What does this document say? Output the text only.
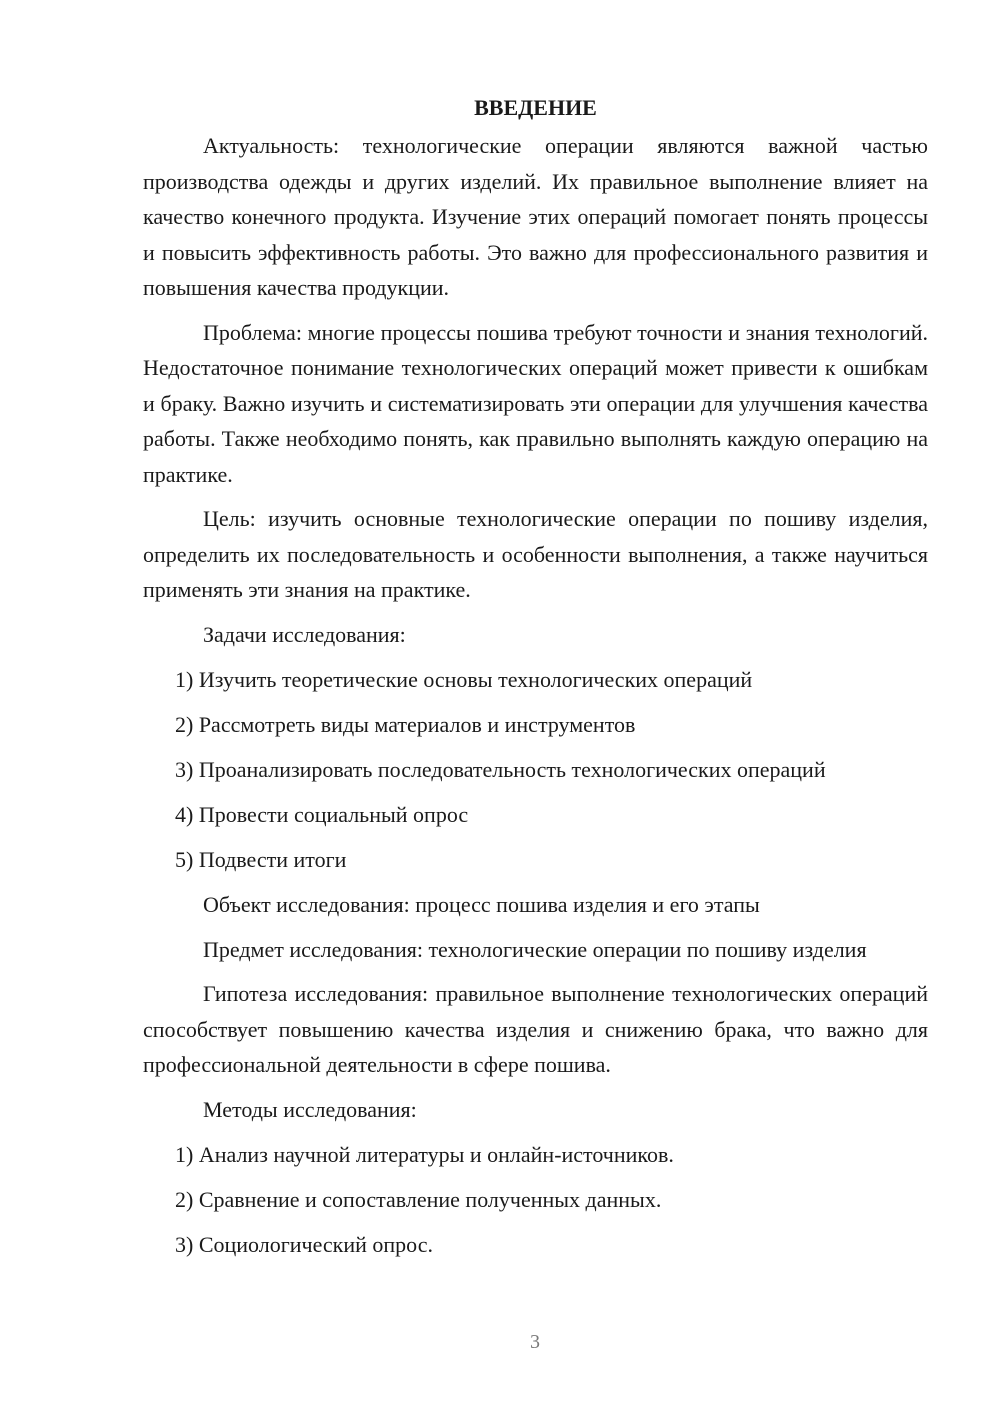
ВВЕДЕНИЕ

Актуальность: технологические операции являются важной частью производства одежды и других изделий. Их правильное выполнение влияет на качество конечного продукта. Изучение этих операций помогает понять процессы и повысить эффективность работы. Это важно для профессионального развития и повышения качества продукции.

Проблема: многие процессы пошива требуют точности и знания технологий. Недостаточное понимание технологических операций может привести к ошибкам и браку. Важно изучить и систематизировать эти операции для улучшения качества работы. Также необходимо понять, как правильно выполнять каждую операцию на практике.

Цель: изучить основные технологические операции по пошиву изделия, определить их последовательность и особенности выполнения, а также научиться применять эти знания на практике.

Задачи исследования:
1) Изучить теоретические основы технологических операций
2) Рассмотреть виды материалов и инструментов
3) Проанализировать последовательность технологических операций
4) Провести социальный опрос
5) Подвести итоги
Объект исследования: процесс пошива изделия и его этапы

Предмет исследования: технологические операции по пошиву изделия

Гипотеза исследования: правильное выполнение технологических операций способствует повышению качества изделия и снижению брака, что важно для профессиональной деятельности в сфере пошива.

Методы исследования:
1) Анализ научной литературы и онлайн-источников.
2) Сравнение и сопоставление полученных данных.
3) Социологический опрос.
3
